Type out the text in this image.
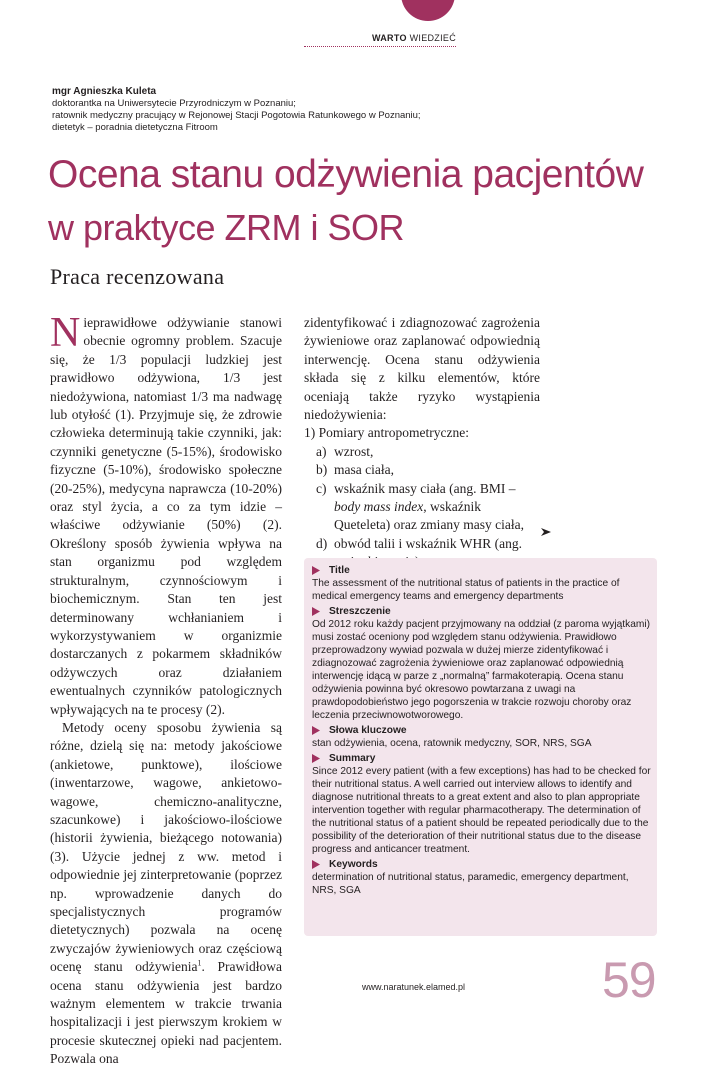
WARTO WIEDZIEĆ
mgr Agnieszka Kuleta
doktorantka na Uniwersytecie Przyrodniczym w Poznaniu;
ratownik medyczny pracujący w Rejonowej Stacji Pogotowia Ratunkowego w Poznaniu;
dietetyk – poradnia dietetyczna Fitroom
Ocena stanu odżywienia pacjentów
w praktyce ZRM i SOR
Praca recenzowana

Nieprawidłowe odżywianie stanowi obecnie ogromny problem. Szacuje się, że 1/3 populacji ludzkiej jest prawidłowo odżywiona, 1/3 jest niedożywiona, natomiast 1/3 ma nadwagę lub otyłość (1). Przyjmuje się, że zdrowie człowieka determinują takie czynniki, jak: czynniki genetyczne (5-15%), środowisko fizyczne (5-10%), środowisko społeczne (20-25%), medycyna naprawcza (10-20%) oraz styl życia, a co za tym idzie – właściwe odżywianie (50%) (2). Określony sposób żywienia wpływa na stan organizmu pod względem strukturalnym, czynnościowym i biochemicznym. Stan ten jest determinowany wchłanianiem i wykorzystywaniem w organizmie dostarczanych z pokarmem składników odżywczych oraz działaniem ewentualnych czynników patologicznych wpływających na te procesy (2).

Metody oceny sposobu żywienia są różne, dzielą się na: metody jakościowe (ankietowe, punktowe), ilościowe (inwentarzowe, wagowe, ankietowo-wagowe, chemiczno-analityczne, szacunkowe) i jakościowo-ilościowe (historii żywienia, bieżącego notowania) (3). Użycie jednej z ww. metod i odpowiednie jej zinterpretowanie (poprzez np. wprowadzenie danych do specjalistycznych programów dietetycznych) pozwala na ocenę zwyczajów żywieniowych oraz częściową ocenę stanu odżywienia$^1$. Prawidłowa ocena stanu odżywienia jest bardzo ważnym elementem w trakcie trwania hospitalizacji i jest pierwszym krokiem w procesie skutecznej opieki nad pacjentem. Pozwala ona

zidentyfikować i zdiagnozować zagrożenia żywieniowe oraz zaplanować odpowiednią interwencję. Ocena stanu odżywienia składa się z kilku elementów, które oceniają także ryzyko wystąpienia niedożywienia:

1) Pomiary antropometryczne:

a) wzrost,
b) masa ciała,
c) wskaźnik masy ciała (ang. BMI – body mass index, wskaźnik Queteleta) oraz zmiany masy ciała,
d) obwód talii i wskaźnik WHR (ang.
Title

The assessment of the nutritional status of patients in the practice of medical emergency teams and emergency departments

Streszczenie

Od 2012 roku każdy pacjent przyjmowany na oddział (z paroma wyjątkami) musi zostać oceniony pod względem stanu odżywienia. Prawidłowo przeprowadzony wywiad pozwala w dużej mierze zidentyfikować i zdiagnozować zagrożenia żywieniowe oraz zaplanować odpowiednią interwencję idącą w parze z „normalną” farmakoterapią. Ocena stanu odżywienia powinna być okresowo powtarzana z uwagi na prawdopodobieństwo jego pogorszenia w trakcie rozwoju choroby oraz leczenia przeciwnowotworowego.

Słowa kluczowe

stan odżywienia, ocena, ratownik medyczny, SOR, NRS, SGA

Summary

Since 2012 every patient (with a few exceptions) has had to be checked for their nutritional status. A well carried out interview allows to identify and diagnose nutritional threats to a great extent and also to plan appropriate intervention together with regular pharmacotherapy. The determination of the nutritional status of a patient should be repeated periodically due to the possibility of the deterioration of their nutritional status due to the disease progress and anticancer treatment.

Keywords

determination of nutritional status, paramedic, emergency department, NRS, SGA

www.naratunek.elamed.pl	59
